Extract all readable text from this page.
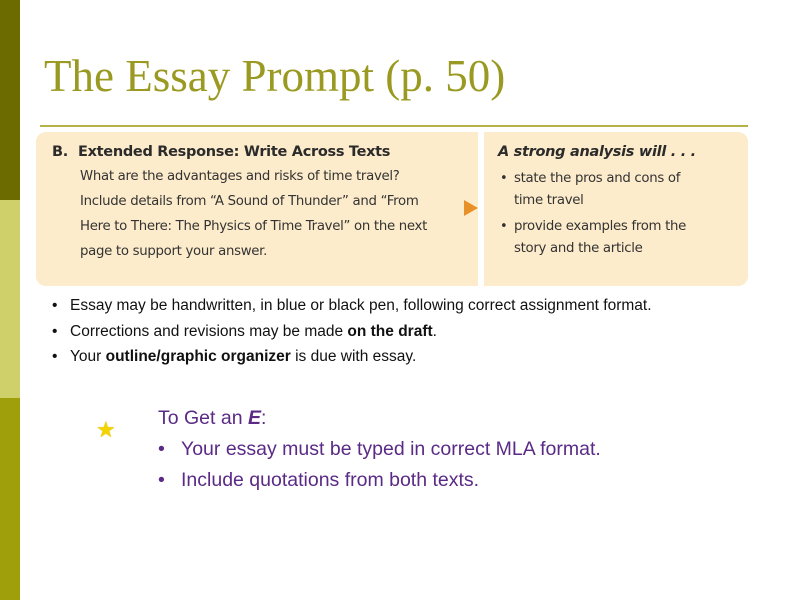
The Essay Prompt (p. 50)
B. Extended Response: Write Across Texts
What are the advantages and risks of time travel?
Include details from “A Sound of Thunder” and “From
Here to There: The Physics of Time Travel” on the next
page to support your answer.
A strong analysis will . . .
• state the pros and cons of
time travel
• provide examples from the
story and the article
• Essay may be handwritten, in blue or black pen, following correct assignment format.
• Corrections and revisions may be made on the draft.
• Your outline/graphic organizer is due with essay.
★ To Get an E:
• Your essay must be typed in correct MLA format.
• Include quotations from both texts.
